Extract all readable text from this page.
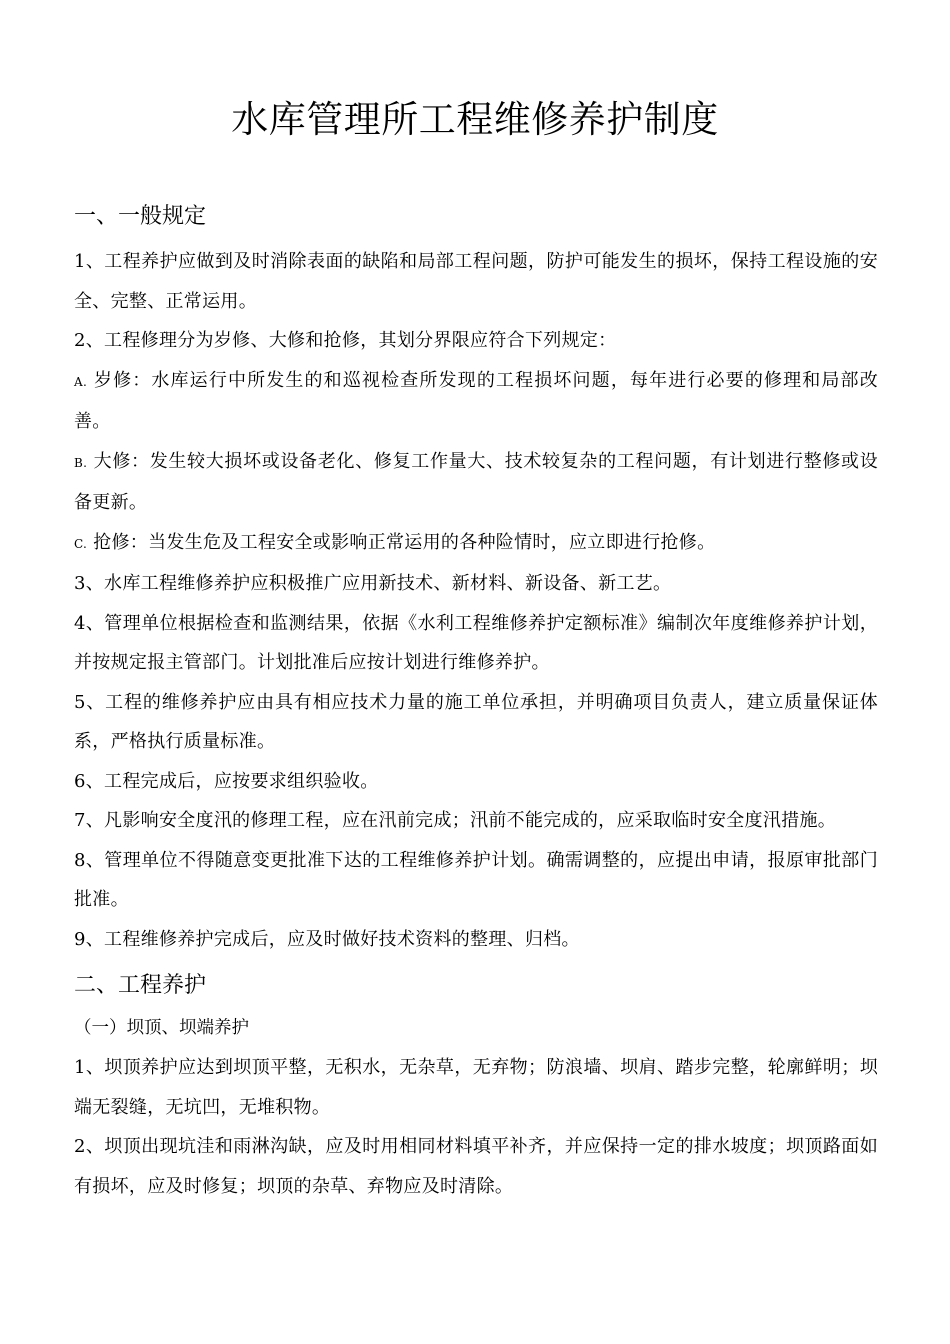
水库管理所工程维修养护制度
一、一般规定

1、工程养护应做到及时消除表面的缺陷和局部工程问题，防护可能发生的损坏，保持工程设施的安全、完整、正常运用。

2、工程修理分为岁修、大修和抢修，其划分界限应符合下列规定：

A. 岁修：水库运行中所发生的和巡视检查所发现的工程损坏问题，每年进行必要的修理和局部改善。

B. 大修：发生较大损坏或设备老化、修复工作量大、技术较复杂的工程问题，有计划进行整修或设备更新。

C. 抢修：当发生危及工程安全或影响正常运用的各种险情时，应立即进行抢修。

3、水库工程维修养护应积极推广应用新技术、新材料、新设备、新工艺。

4、管理单位根据检查和监测结果，依据《水利工程维修养护定额标准》编制次年度维修养护计划，并按规定报主管部门。计划批准后应按计划进行维修养护。

5、工程的维修养护应由具有相应技术力量的施工单位承担，并明确项目负责人，建立质量保证体系，严格执行质量标准。

6、工程完成后，应按要求组织验收。

7、凡影响安全度汛的修理工程，应在汛前完成；汛前不能完成的，应采取临时安全度汛措施。

8、管理单位不得随意变更批准下达的工程维修养护计划。确需调整的，应提出申请，报原审批部门批准。

9、工程维修养护完成后，应及时做好技术资料的整理、归档。

二、工程养护

（一）坝顶、坝端养护

1、坝顶养护应达到坝顶平整，无积水，无杂草，无弃物；防浪墙、坝肩、踏步完整，轮廓鲜明；坝端无裂缝，无坑凹，无堆积物。

2、坝顶出现坑洼和雨淋沟缺，应及时用相同材料填平补齐，并应保持一定的排水坡度；坝顶路面如有损坏，应及时修复；坝顶的杂草、弃物应及时清除。
